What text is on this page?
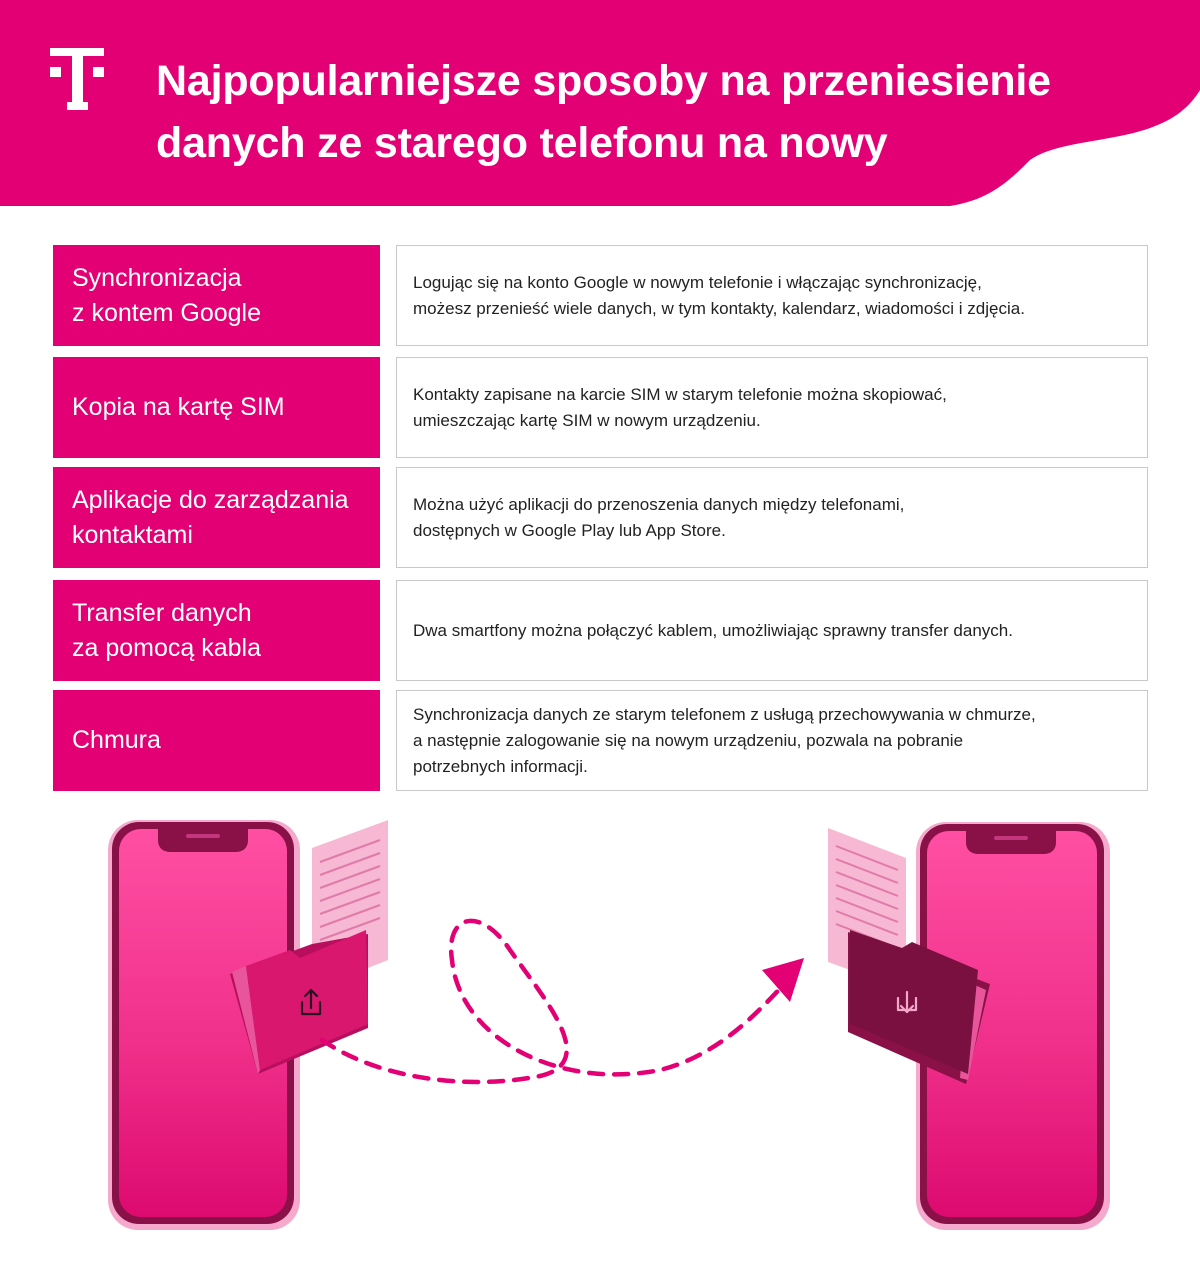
Najpopularniejsze sposoby na przeniesienie
danych ze starego telefonu na nowy
Synchronizacja
z kontem Google
Logując się na konto Google w nowym telefonie i włączając synchronizację,
możesz przenieść wiele danych, w tym kontakty, kalendarz, wiadomości i zdjęcia.
Kopia na kartę SIM	Kontakty zapisane na karcie SIM w starym telefonie można skopiować,
umieszczając kartę SIM w nowym urządzeniu.
Aplikacje do zarządzania
kontaktami
Można użyć aplikacji do przenoszenia danych między telefonami,
dostępnych w Google Play lub App Store.
Transfer danych
za pomocą kabla
Dwa smartfony można połączyć kablem, umożliwiając sprawny transfer danych.
Chmura
Synchronizacja danych ze starym telefonem z usługą przechowywania w chmurze,
a następnie zalogowanie się na nowym urządzeniu, pozwala na pobranie
potrzebnych informacji.
